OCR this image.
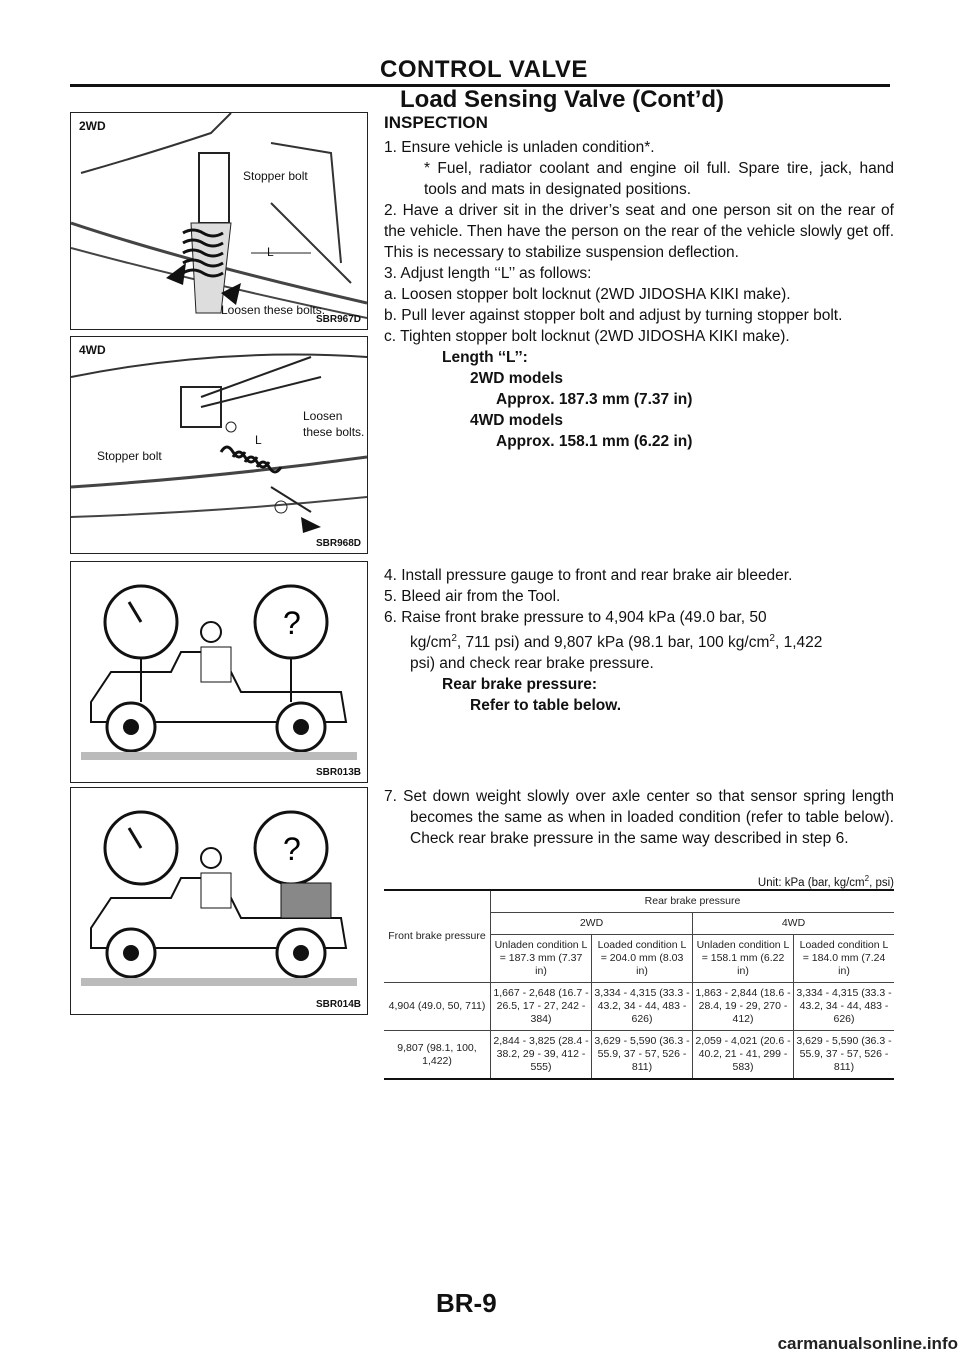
CONTROL VALVE
Load Sensing Valve (Cont’d)
2WD
Stopper bolt
L
Loosen these bolts.
SBR967D
4WD
Stopper bolt
L
Loosen
these bolts.
SBR968D
?
SBR013B
?
SBR014B
INSPECTION
1. Ensure vehicle is unladen condition*.
* Fuel, radiator coolant and engine oil full. Spare tire, jack, hand tools and mats in designated positions.
2. Have a driver sit in the driver’s seat and one person sit on the rear of the vehicle. Then have the person on the rear of the vehicle slowly get off. This is necessary to stabilize suspension deflection.
3. Adjust length ‘‘L’’ as follows:
a. Loosen stopper bolt locknut (2WD JIDOSHA KIKI make).
b. Pull lever against stopper bolt and adjust by turning stopper bolt.
c. Tighten stopper bolt locknut (2WD JIDOSHA KIKI make).
Length ‘‘L’’:
2WD models
Approx. 187.3 mm (7.37 in)
4WD models
Approx. 158.1 mm (6.22 in)
4. Install pressure gauge to front and rear brake air bleeder.
5. Bleed air from the Tool.
6. Raise front brake pressure to 4,904 kPa (49.0 bar, 50
$kg/cm^2$, 711 psi) and 9,807 kPa (98.1 bar, 100 $kg/cm^2$, 1,422
psi) and check rear brake pressure.
Rear brake pressure:
Refer to table below.
7. Set down weight slowly over axle center so that sensor spring length becomes the same as when in loaded condition (refer to table below). Check rear brake pressure in the same way described in step 6.
Unit: kPa (bar, $kg/cm^2$, psi)
Front brake pressure	Rear brake pressure			
	2WD		4WD	
	Unladen condition L = 187.3 mm (7.37 in)	Loaded condition L = 204.0 mm (8.03 in)	Unladen condition L = 158.1 mm (6.22 in)	Loaded condition L = 184.0 mm (7.24 in)
4,904 (49.0, 50, 711)	1,667 - 2,648 (16.7 - 26.5, 17 - 27, 242 - 384)	3,334 - 4,315 (33.3 - 43.2, 34 - 44, 483 - 626)	1,863 - 2,844 (18.6 - 28.4, 19 - 29, 270 - 412)	3,334 - 4,315 (33.3 - 43.2, 34 - 44, 483 - 626)
9,807 (98.1, 100, 1,422)	2,844 - 3,825 (28.4 - 38.2, 29 - 39, 412 - 555)	3,629 - 5,590 (36.3 - 55.9, 37 - 57, 526 - 811)	2,059 - 4,021 (20.6 - 40.2, 21 - 41, 299 - 583)	3,629 - 5,590 (36.3 - 55.9, 37 - 57, 526 - 811)
BR-9
carmanualsonline.info
